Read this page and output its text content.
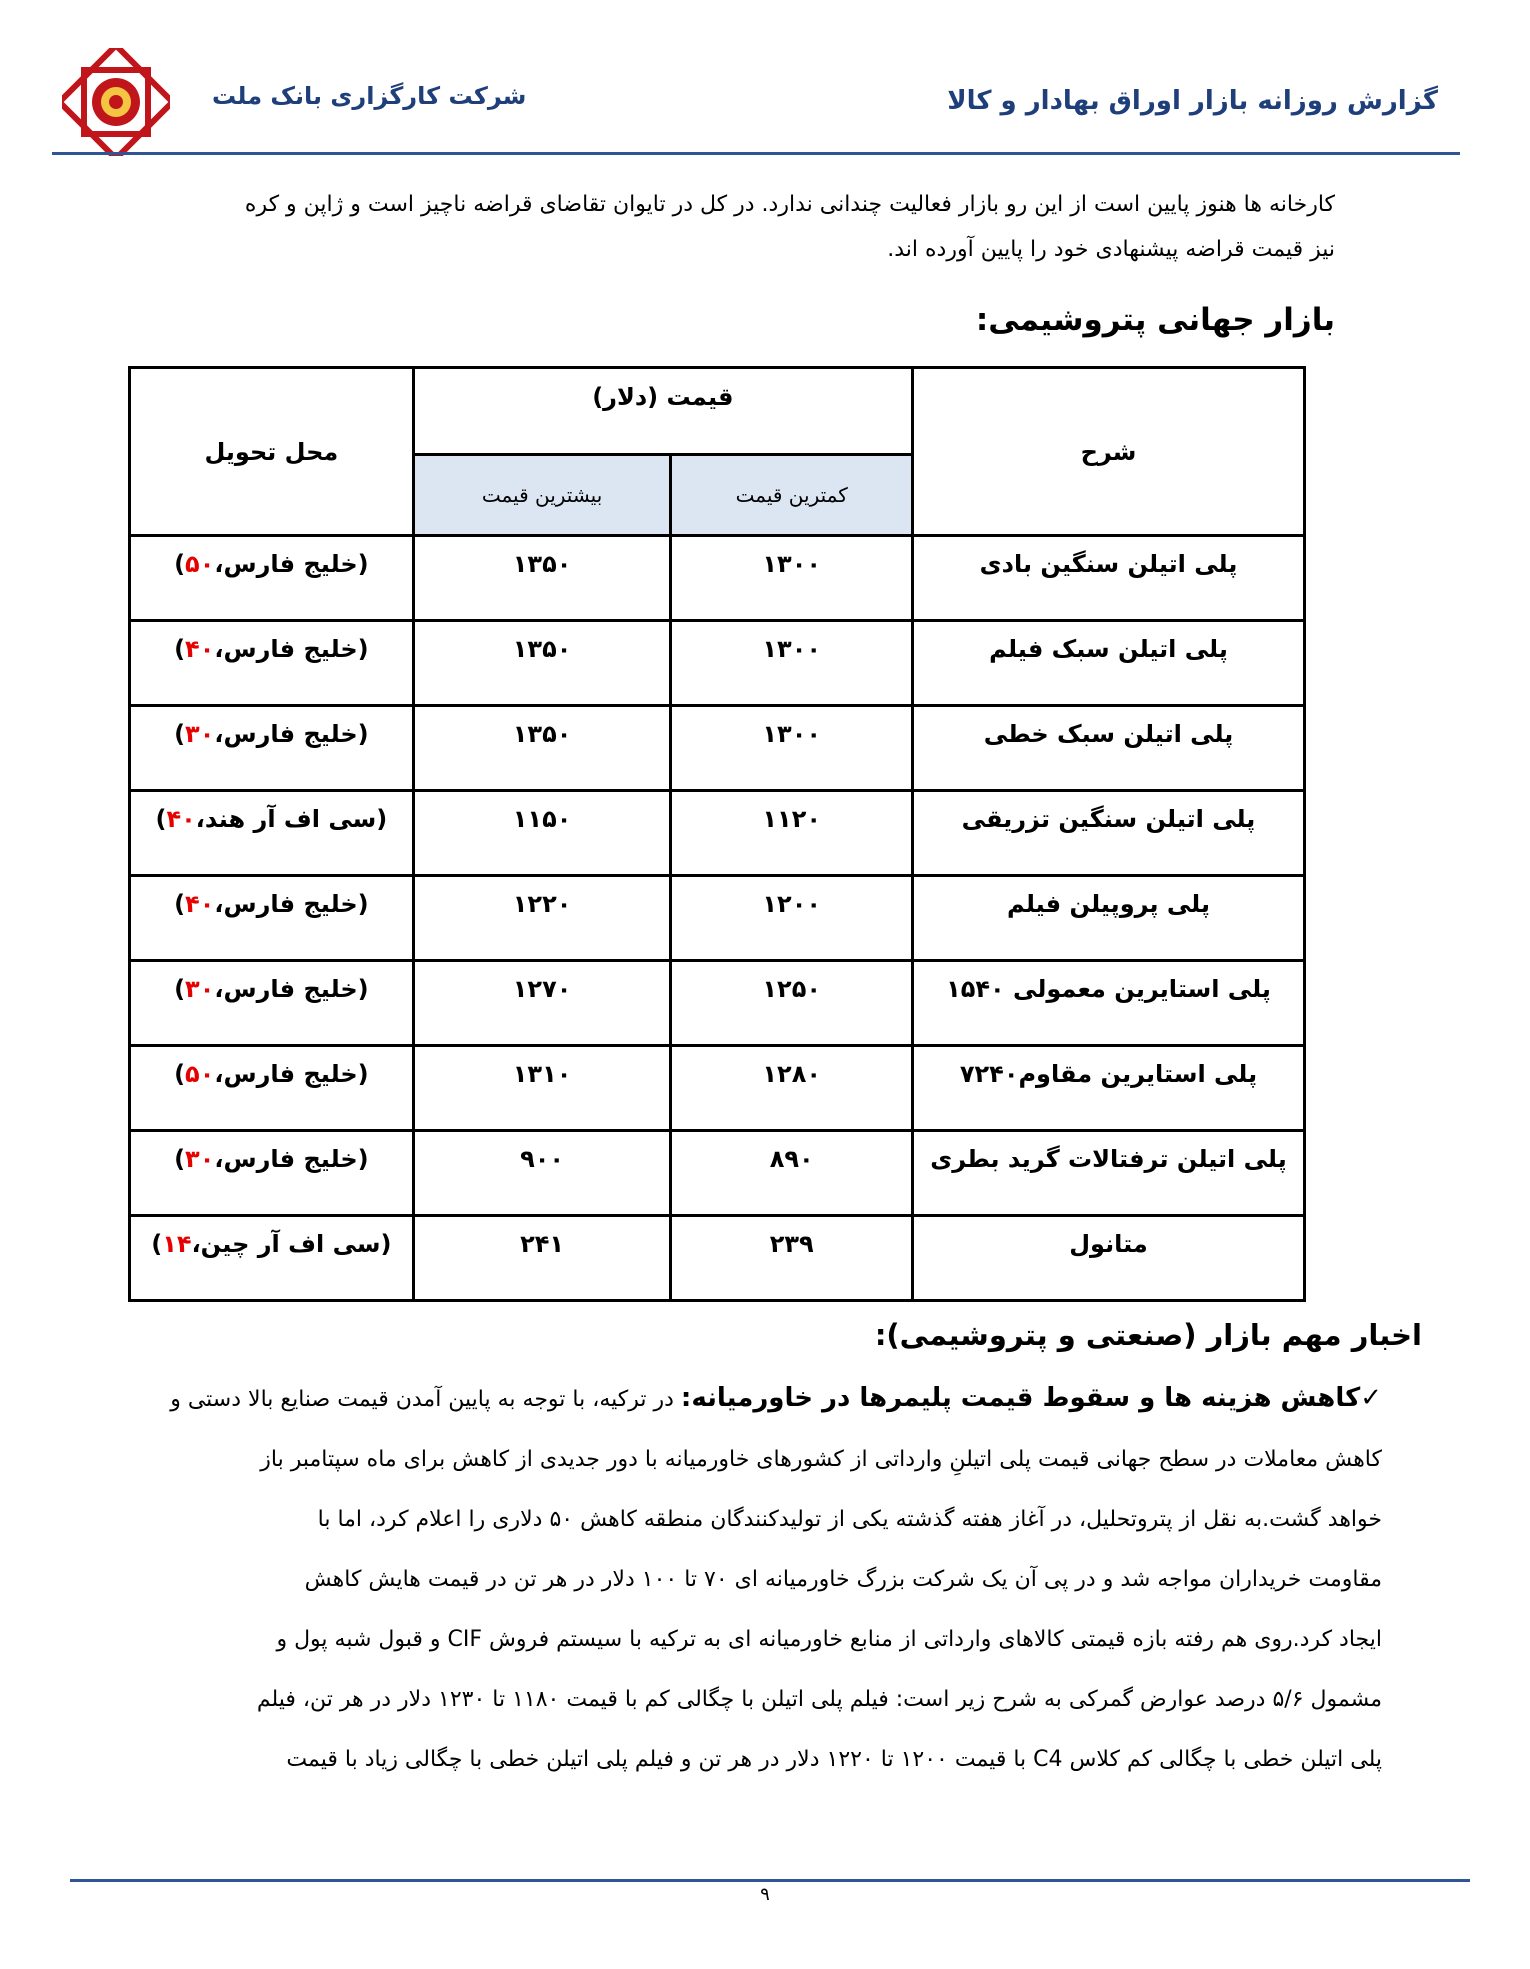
شرکت کارگزاری بانک ملت	گزارش روزانه بازار اوراق بهادار و کالا
کارخانه ها هنوز پایین است از این رو بازار فعالیت چندانی ندارد. در کل در تایوان تقاضای قراضه ناچیز است و ژاپن و کره
نیز قیمت قراضه پیشنهادی خود را پایین آورده اند.
بازار جهانی پتروشیمی:
شرح	قیمت (دلار)		محل تحویل
	کمترین قیمت	بیشترین قیمت	

پلی اتیلن سنگین بادی	۱۳۰۰	۱۳۵۰	(خلیج فارس،۵۰)

پلی اتیلن سبک فیلم	۱۳۰۰	۱۳۵۰	(خلیج فارس،۴۰)

پلی اتیلن سبک خطی	۱۳۰۰	۱۳۵۰	(خلیج فارس،۳۰)

پلی اتیلن سنگین تزریقی	۱۱۲۰	۱۱۵۰	(سی اف آر هند،۴۰)

پلی پروپیلن فیلم	۱۲۰۰	۱۲۲۰	(خلیج فارس،۴۰)

پلی استایرین معمولی ۱۵۴۰	۱۲۵۰	۱۲۷۰	(خلیج فارس،۳۰)

پلی استایرین مقاوم۷۲۴۰	۱۲۸۰	۱۳۱۰	(خلیج فارس،۵۰)

پلی اتیلن ترفتالات گرید بطری	۸۹۰	۹۰۰	(خلیج فارس،۳۰)

متانول	۲۳۹	۲۴۱	(سی اف آر چین،۱۴)
اخبار مهم بازار (صنعتی و پتروشیمی):
✓کاهش هزینه ها و سقوط قیمت پلیمرها در خاورمیانه: در ترکیه، با توجه به پایین آمدن قیمت صنایع بالا دستی و
کاهش معاملات در سطح جهانی قیمت پلی اتیلنِ وارداتی از کشورهای خاورمیانه با دور جدیدی از کاهش برای ماه سپتامبر باز
خواهد گشت.به نقل از پتروتحلیل، در آغاز هفته گذشته یکی از تولیدکنندگان منطقه کاهش ۵۰ دلاری را اعلام کرد، اما با
مقاومت خریداران مواجه شد و در پی آن یک شرکت بزرگ خاورمیانه ای ۷۰ تا ۱۰۰ دلار در هر تن در قیمت هایش کاهش
ایجاد کرد.روی هم رفته بازه قیمتی کالاهای وارداتی از منابع خاورمیانه ای به ترکیه با سیستم فروش CIF و قبول شبه پول و
مشمول ۵/۶ درصد عوارض گمرکی به شرح زیر است: فیلم پلی اتیلن با چگالی کم با قیمت ۱۱۸۰ تا ۱۲۳۰ دلار در هر تن، فیلم
پلی اتیلن خطی با چگالی کم کلاس C4 با قیمت ۱۲۰۰ تا ۱۲۲۰ دلار در هر تن و فیلم پلی اتیلن خطی با چگالی زیاد با قیمت
۹
